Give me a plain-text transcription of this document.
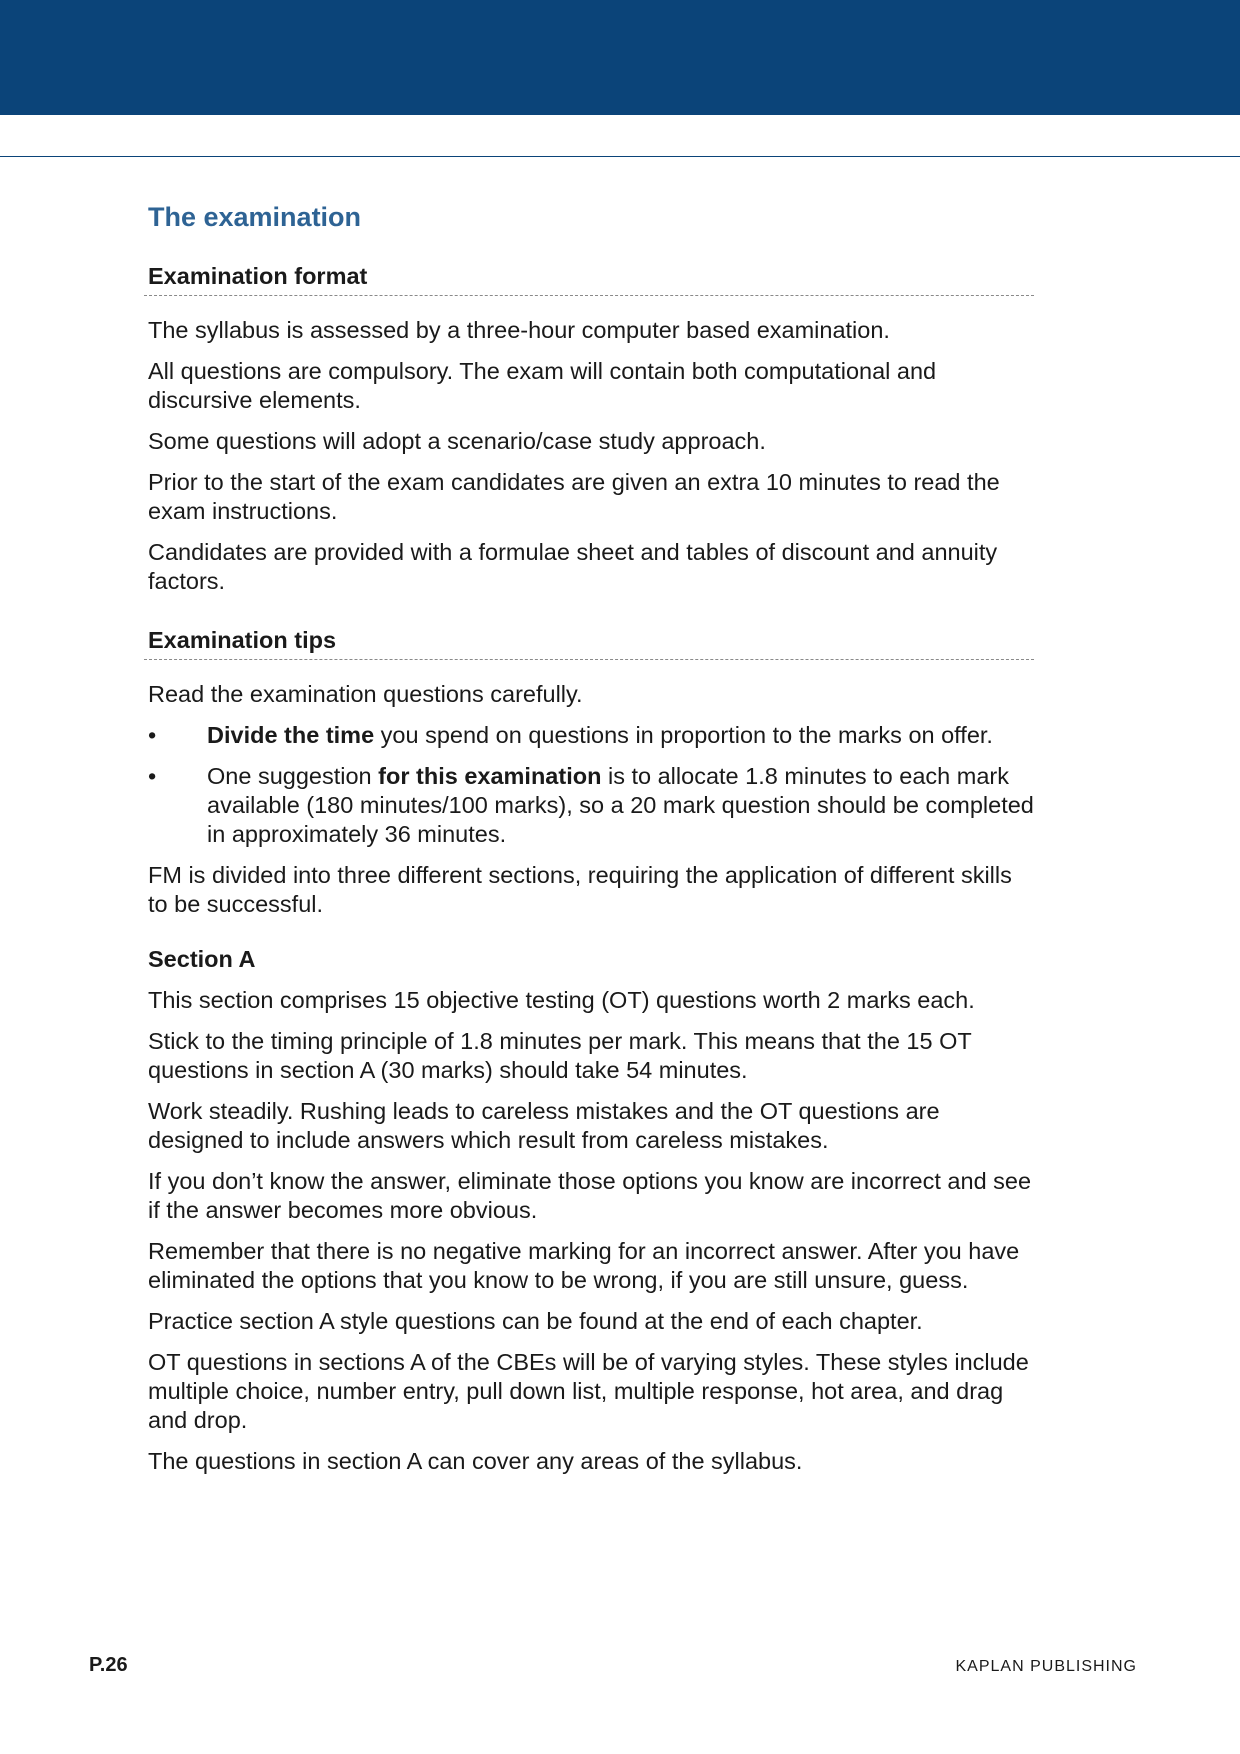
The examination
Examination format

The syllabus is assessed by a three-hour computer based examination.

All questions are compulsory. The exam will contain both computational and discursive elements.

Some questions will adopt a scenario/case study approach.

Prior to the start of the exam candidates are given an extra 10 minutes to read the exam instructions.

Candidates are provided with a formulae sheet and tables of discount and annuity factors.

Examination tips

Read the examination questions carefully.

•	Divide the time you spend on questions in proportion to the marks on offer.
•	One suggestion for this examination is to allocate 1.8 minutes to each mark available (180 minutes/100 marks), so a 20 mark question should be completed in approximately 36 minutes.

FM is divided into three different sections, requiring the application of different skills to be successful.

Section A

This section comprises 15 objective testing (OT) questions worth 2 marks each.

Stick to the timing principle of 1.8 minutes per mark. This means that the 15 OT questions in section A (30 marks) should take 54 minutes.

Work steadily. Rushing leads to careless mistakes and the OT questions are designed to include answers which result from careless mistakes.

If you don’t know the answer, eliminate those options you know are incorrect and see if the answer becomes more obvious.

Remember that there is no negative marking for an incorrect answer. After you have eliminated the options that you know to be wrong, if you are still unsure, guess.

Practice section A style questions can be found at the end of each chapter.

OT questions in sections A of the CBEs will be of varying styles. These styles include multiple choice, number entry, pull down list, multiple response, hot area, and drag and drop.

The questions in section A can cover any areas of the syllabus.

P.26	KAPLAN PUBLISHING
